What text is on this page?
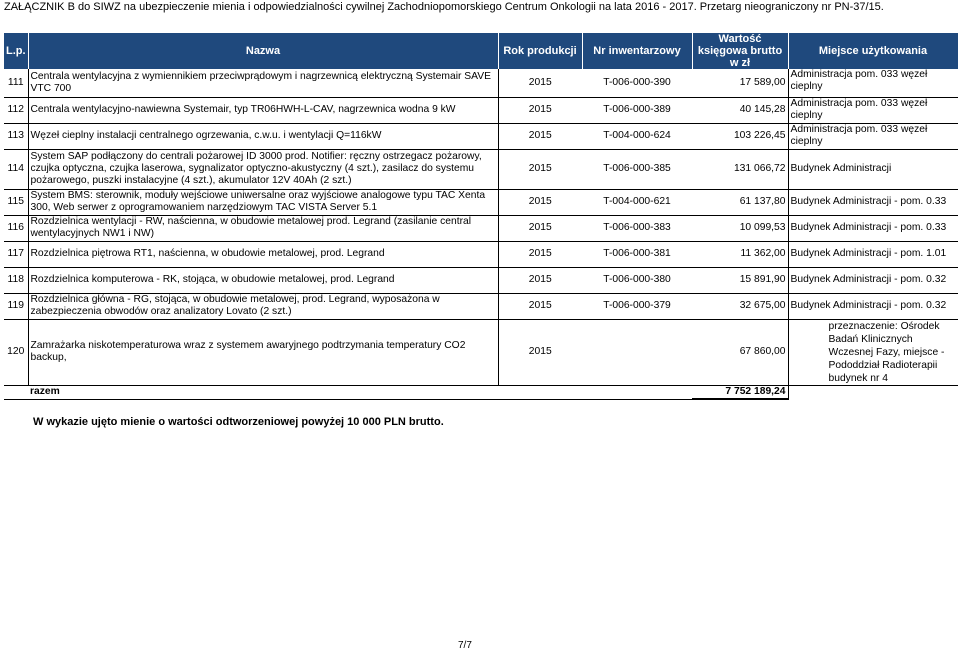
ZAŁĄCZNIK B do SIWZ na ubezpieczenie mienia i odpowiedzialności cywilnej Zachodniopomorskiego Centrum Onkologii na lata 2016 - 2017. Przetarg nieograniczony nr PN-37/15.
L.p.	Nazwa	Rok produkcji	Nr inwentarzowy	Wartość księgowa brutto w zł	Miejsce użytkowania
111	Centrala wentylacyjna z wymiennikiem przeciwprądowym i nagrzewnicą elektryczną Systemair SAVE VTC 700	2015	T-006-000-390	17 589,00	Administracja pom. 033 węzeł cieplny
112	Centrala wentylacyjno-nawiewna Systemair, typ TR06HWH-L-CAV, nagrzewnica wodna 9 kW	2015	T-006-000-389	40 145,28	Administracja pom. 033 węzeł cieplny
113	Węzeł cieplny instalacji centralnego ogrzewania, c.w.u. i wentylacji Q=116kW	2015	T-004-000-624	103 226,45	Administracja pom. 033 węzeł cieplny
114	System SAP podłączony do centrali pożarowej ID 3000 prod. Notifier: ręczny ostrzegacz pożarowy, czujka optyczna, czujka laserowa, sygnalizator optyczno-akustyczny (4 szt.), zasilacz do systemu pożarowego, puszki instalacyjne (4 szt.), akumulator 12V 40Ah (2 szt.)	2015	T-006-000-385	131 066,72	Budynek Administracji
115	System BMS: sterownik, moduły wejściowe uniwersalne oraz wyjściowe analogowe typu TAC Xenta 300, Web serwer z oprogramowaniem narzędziowym TAC VISTA Server 5.1	2015	T-004-000-621	61 137,80	Budynek Administracji - pom. 0.33
116	Rozdzielnica wentylacji - RW, naścienna, w obudowie metalowej prod. Legrand (zasilanie central wentylacyjnych NW1 i NW)	2015	T-006-000-383	10 099,53	Budynek Administracji - pom. 0.33
117	Rozdzielnica piętrowa RT1, naścienna, w obudowie metalowej, prod. Legrand	2015	T-006-000-381	11 362,00	Budynek Administracji - pom. 1.01
118	Rozdzielnica komputerowa - RK, stojąca, w obudowie metalowej, prod. Legrand	2015	T-006-000-380	15 891,90	Budynek Administracji - pom. 0.32
119	Rozdzielnica główna - RG, stojąca, w obudowie metalowej, prod. Legrand, wyposażona w zabezpieczenia obwodów oraz analizatory Lovato (2 szt.)	2015	T-006-000-379	32 675,00	Budynek Administracji - pom. 0.32
120	Zamrażarka niskotemperaturowa wraz z systemem awaryjnego podtrzymania temperatury CO2 backup,	2015		67 860,00	przeznaczenie: Ośrodek Badań Klinicznych Wczesnej Fazy, miejsce - Pododdział Radioterapii budynek nr 4
	razem			7 752 189,24	
W wykazie ujęto mienie o wartości odtworzeniowej powyżej 10 000 PLN brutto.
7/7
